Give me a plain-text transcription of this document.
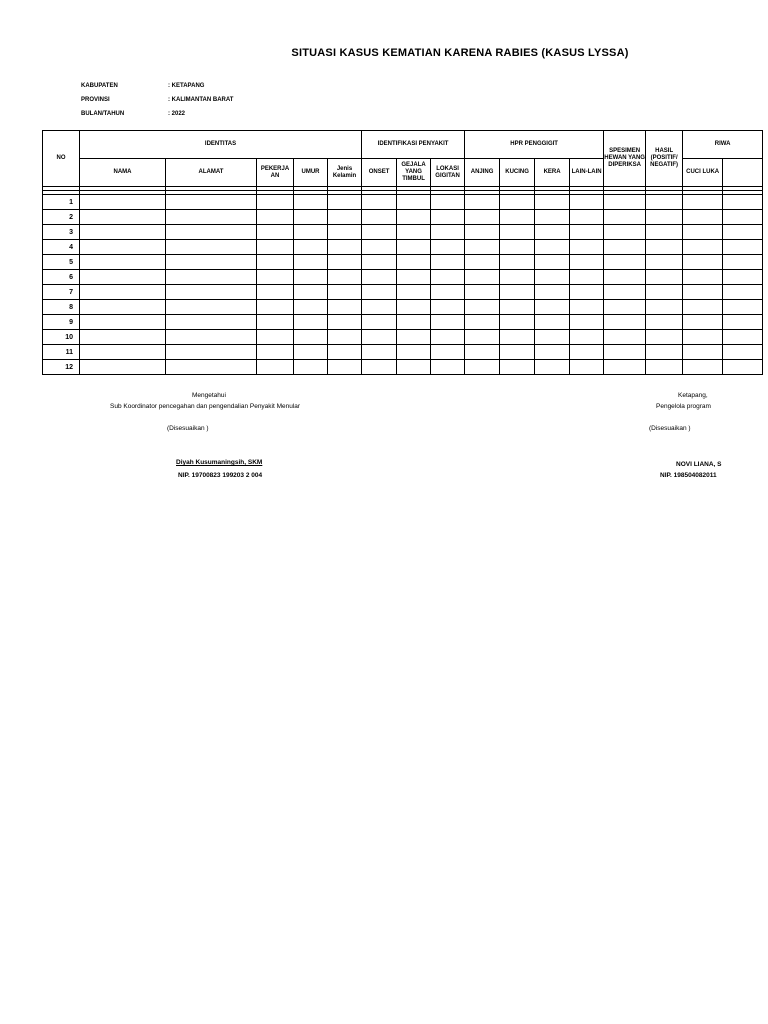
SITUASI KASUS KEMATIAN KARENA RABIES (KASUS LYSSA)
KABUPATEN	: KETAPANG
PROVINSI	: KALIMANTAN BARAT
BULAN/TAHUN	: 2022
NO	IDENTITAS					IDENTIFIKASI PENYAKIT			HPR PENGGIGIT				SPESIMEN HEWAN YANG DIPERIKSA	HASIL (POSITIF/ NEGATIF)	RIWA	
	NAMA	ALAMAT	PEKERJA AN	UMUR	Jenis Kelamin	ONSET	GEJALA YANG TIMBUL	LOKASI GIGITAN	ANJING	KUCING	KERA	LAIN-LAIN			CUCI LUKA	

1																
2																
3																
4																
5																
6																
7																
8																
9																
10																
11																
12																
Mengetahui
Sub Koordinator pencegahan dan pengendalian Penyakit Menular
(Disesuaikan )
Diyah Kusumaningsih, SKM
NIP. 19700823 199203 2 004
Ketapang,
Pengelola program
(Disesuaikan )
NOVI LIANA, S
NIP. 198504082011
